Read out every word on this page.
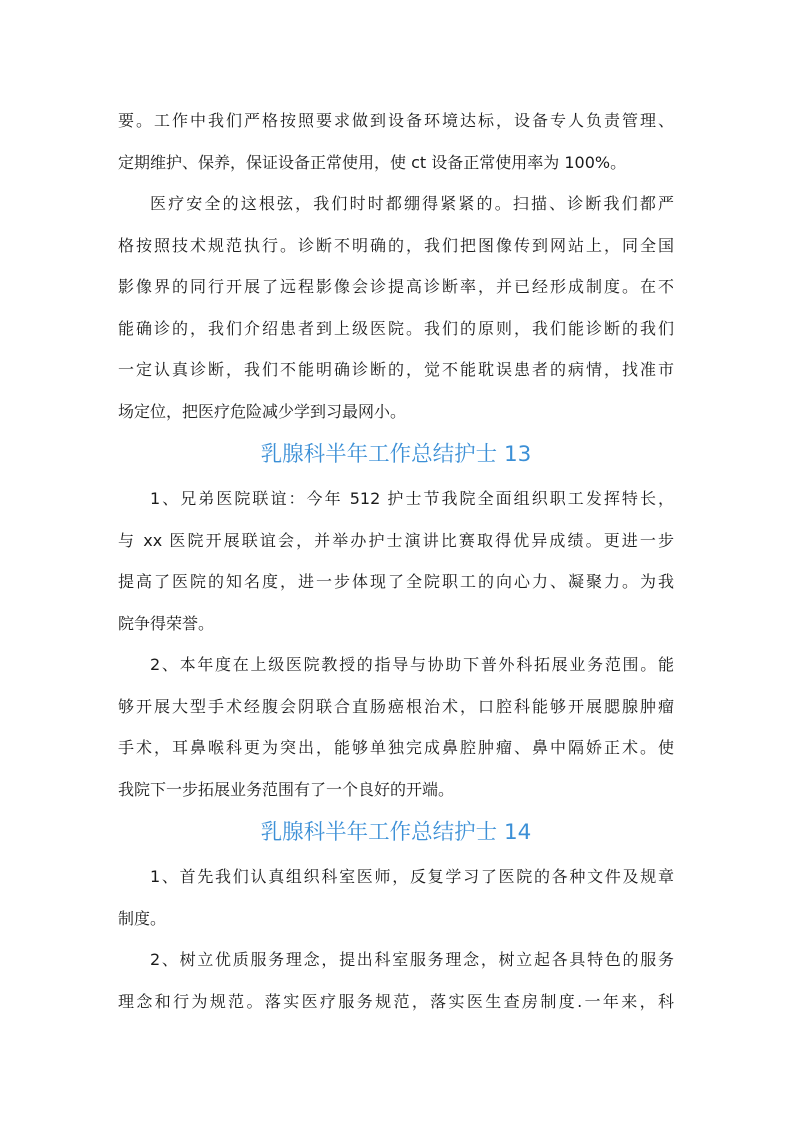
要。工作中我们严格按照要求做到设备环境达标，设备专人负责管理、
定期维护、保养，保证设备正常使用，使 ct 设备正常使用率为 100%。
医疗安全的这根弦，我们时时都绷得紧紧的。扫描、诊断我们都严
格按照技术规范执行。诊断不明确的，我们把图像传到网站上，同全国
影像界的同行开展了远程影像会诊提高诊断率，并已经形成制度。在不
能确诊的，我们介绍患者到上级医院。我们的原则，我们能诊断的我们
一定认真诊断，我们不能明确诊断的，觉不能耽误患者的病情，找准市
场定位，把医疗危险减少学到习最网小。
乳腺科半年工作总结护士 13
1、兄弟医院联谊：今年 512 护士节我院全面组织职工发挥特长，
与 xx 医院开展联谊会，并举办护士演讲比赛取得优异成绩。更进一步
提高了医院的知名度，进一步体现了全院职工的向心力、凝聚力。为我
院争得荣誉。
2、本年度在上级医院教授的指导与协助下普外科拓展业务范围。能
够开展大型手术经腹会阴联合直肠癌根治术，口腔科能够开展腮腺肿瘤
手术，耳鼻喉科更为突出，能够单独完成鼻腔肿瘤、鼻中隔娇正术。使
我院下一步拓展业务范围有了一个良好的开端。
乳腺科半年工作总结护士 14
1、首先我们认真组织科室医师，反复学习了医院的各种文件及规章
制度。
2、树立优质服务理念，提出科室服务理念，树立起各具特色的服务
理念和行为规范。落实医疗服务规范，落实医生查房制度.一年来，科
